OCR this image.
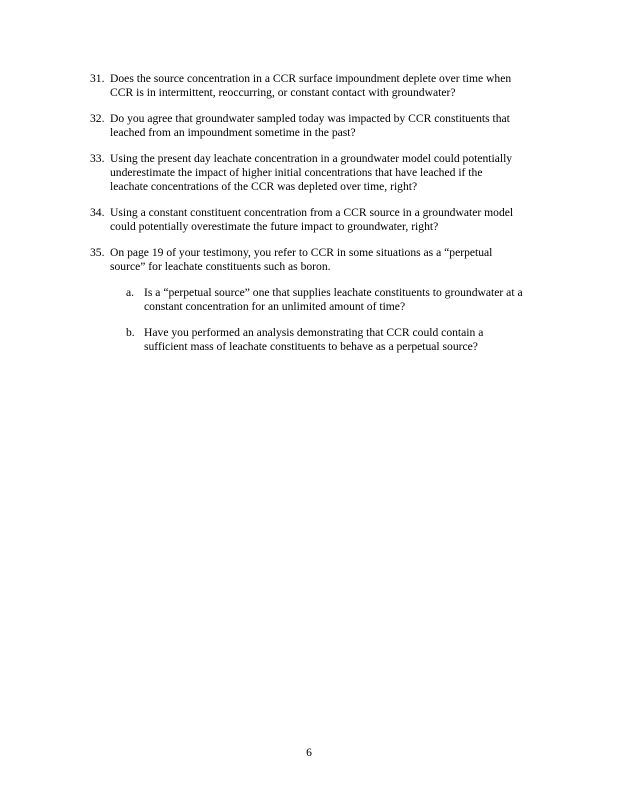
31. Does the source concentration in a CCR surface impoundment deplete over time when
CCR is in intermittent, reoccurring, or constant contact with groundwater?
32. Do you agree that groundwater sampled today was impacted by CCR constituents that
leached from an impoundment sometime in the past?
33. Using the present day leachate concentration in a groundwater model could potentially
underestimate the impact of higher initial concentrations that have leached if the
leachate concentrations of the CCR was depleted over time, right?
34. Using a constant constituent concentration from a CCR source in a groundwater model
could potentially overestimate the future impact to groundwater, right?
35. On page 19 of your testimony, you refer to CCR in some situations as a “perpetual
source” for leachate constituents such as boron.
a. Is a “perpetual source” one that supplies leachate constituents to groundwater at a
constant concentration for an unlimited amount of time?
b. Have you performed an analysis demonstrating that CCR could contain a
sufficient mass of leachate constituents to behave as a perpetual source?
6
